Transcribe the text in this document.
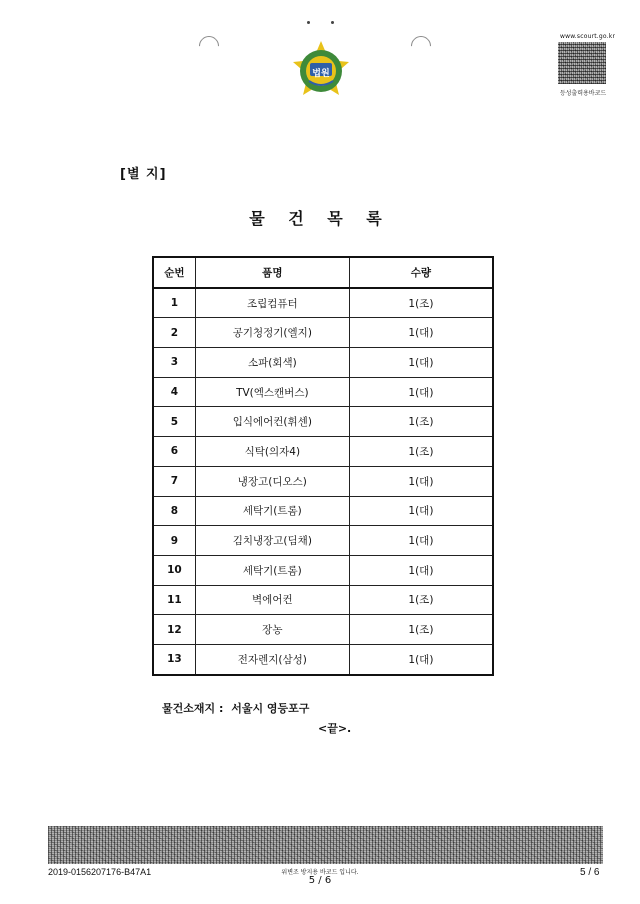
법원
www.scourt.go.kr
등성출력용바코드
[별 지]
물 건 목 록
순번	품명	수량
1	조립컴퓨터	1(조)
2	공기청정기(엘지)	1(대)
3	소파(회색)	1(대)
4	TV(엑스캔버스)	1(대)
5	입식에어컨(휘센)	1(조)
6	식탁(의자4)	1(조)
7	냉장고(디오스)	1(대)
8	세탁기(트롬)	1(대)
9	김치냉장고(딤채)	1(대)
10	세탁기(트롬)	1(대)
11	벽에어컨	1(조)
12	장농	1(조)
13	전자렌지(삼성)	1(대)
물건소재지 : 서울시 영등포구
<끝>.
2019-0156207176-B47A1	위변조 방지용 바코드 입니다.
5 / 6
5 / 6
